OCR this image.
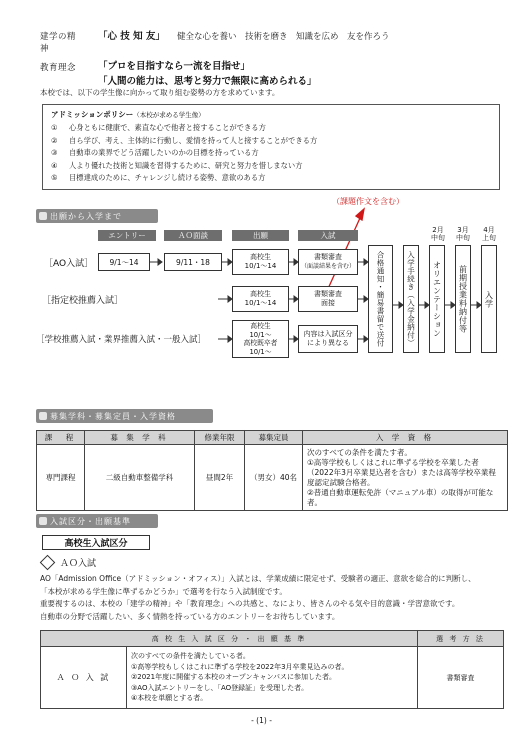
建学の精神
「心 技 知 友」 健全な心を養い　技術を磨き　知識を広め　友を作ろう
教育理念	「プロを目指すなら一流を目指せ」
「人間の能力は、思考と努力で無限に高められる」
本校では、以下の学生像に向かって取り組む姿勢の方を求めています。
アドミッションポリシー（本校が求める学生像）
①	心身ともに健康で、素直な心で他者と接することができる方
②	自ら学び、考え、主体的に行動し、愛情を持って人と接することができる方
③	自動車の業界でどう活躍したいのかの目標を持っている方
④	人より優れた技術と知識を習得するために、研究と努力を惜しまない方
⑤	目標達成のために、チャレンジし続ける姿勢、意欲のある方
出願から入学まで
（課題作文を含む）
エントリー	ＡＯ面談	出願	入試
2月
中旬
3月
中旬
4月
上旬
［AO入試］	9/1〜14	9/11・18
高校生
10/1〜14
書類審査
（面談結果を含む）
［指定校推薦入試］
高校生
10/1〜14
書類審査
面接
［学校推薦入試・業界推薦入試・一般入試］
高校生
10/1〜
高校既卒者
10/1〜
内容は入試区分
により異なる	合格通知・簡易書留で送付	入学手続き（入学金納付）	オリエンテーション	前期授業料納付等	入学
募集学科・募集定員・入学資格
課　程	募 集 学 科	修業年限	募集定員	入 学 資 格
専門課程	二級自動車整備学科	昼間2年	（男女）40名	次のすべての条件を満たす者。
①高等学校もしくはこれに準ずる学校を卒業した者（2022年3月卒業見込者を含む）または高等学校卒業程度認定試験合格者。
②普通自動車運転免許（マニュアル車）の取得が可能な者。
入試区分・出願基準
高校生入試区分
ＡＯ入試
AO「Admission Office（アドミッション・オフィス）」入試とは、学業成績に限定せず、受験者の適正、意欲を総合的に判断し、
「本校が求める学生像に準ずるかどうか」で選考を行なう入試制度です。
重要視するのは、本校の「建学の精神」や「教育理念」への共感と、なにより、皆さんのやる気や目的意識・学習意欲です。
自動車の分野で活躍したい、多く情熱を持っている方のエントリーをお待ちしています。
高 校 生 入 試 区 分 ・ 出 願 基 準		選 考 方 法
Ａ Ｏ 入 試	次のすべての条件を満たしている者。
①高等学校もしくはこれに準ずる学校を2022年3月卒業見込みの者。
②2021年度に開催する本校のオープンキャンパスに参加した者。
③AO入試エントリーをし、「AO登録証」を受理した者。
④本校を単願とする者。	書類審査
- (1) -
